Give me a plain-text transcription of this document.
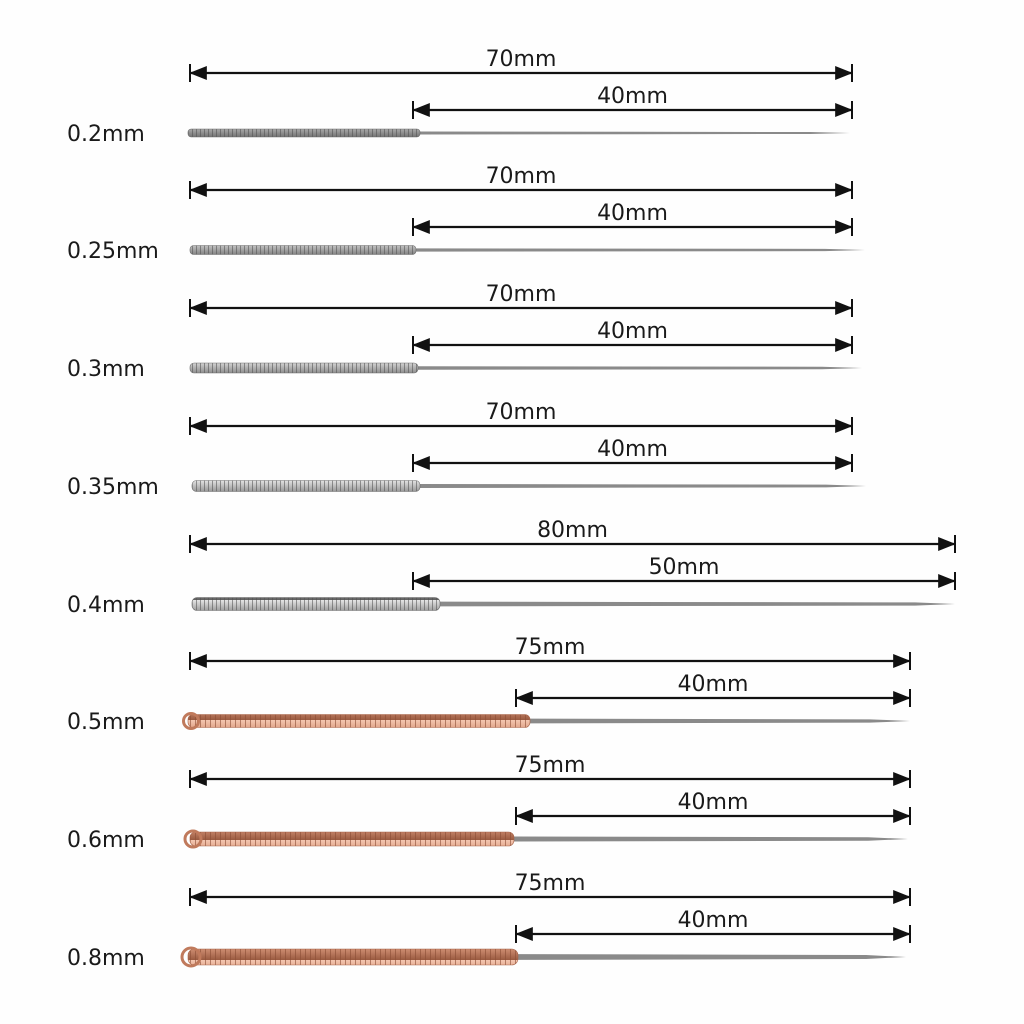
70mm
40mm
0.2mm
70mm
40mm
0.25mm
70mm
40mm
0.3mm
70mm
40mm
0.35mm
80mm
50mm
0.4mm
75mm
40mm
0.5mm
75mm
40mm
0.6mm
75mm
40mm
0.8mm
